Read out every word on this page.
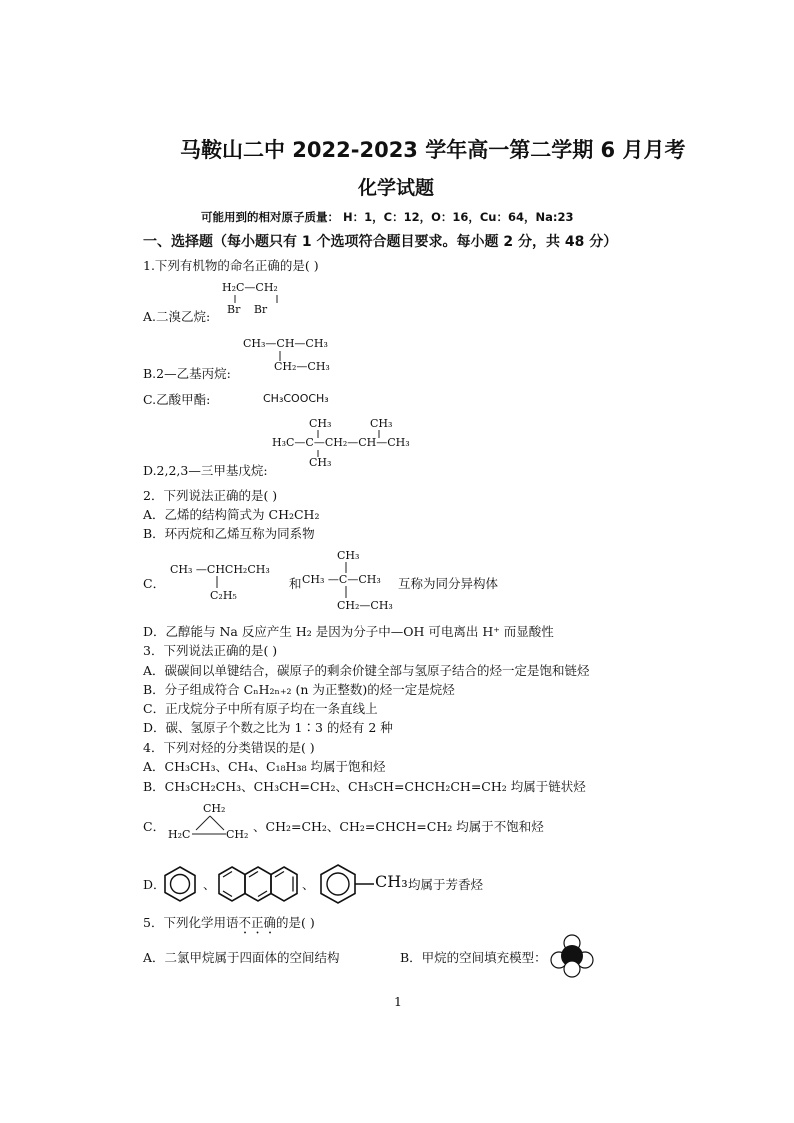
马鞍山二中 2022-2023 学年高一第二学期 6 月月考
化学试题
可能用到的相对原子质量： H：1，C：12，O：16，Cu：64，Na:23
一、选择题（每小题只有 1 个选项符合题目要求。每小题 2 分，共 48 分）
1.下列有机物的命名正确的是( )
H₂C—CH₂
Br Br
A.二溴乙烷:
CH₃—CH—CH₃
CH₂—CH₃
B.2—乙基丙烷:
C.乙酸甲酯:	CH₃COOCH₃
CH₃	CH₃
H₃C—C—CH₂—CH—CH₃
CH₃
D.2,2,3—三甲基戊烷:
2．下列说法正确的是( )
A．乙烯的结构简式为 CH₂CH₂
B．环丙烷和乙烯互称为同系物
C．
CH₃ —CHCH₂CH₃
C₂H₅
和
CH₃
CH₃ —C—CH₃
CH₂—CH₃
互称为同分异构体
D．乙醇能与 Na 反应产生 H₂ 是因为分子中—OH 可电离出 H⁺ 而显酸性
3．下列说法正确的是( )
A．碳碳间以单键结合，碳原子的剩余价键全部与氢原子结合的烃一定是饱和链烃
B．分子组成符合 CₙH₂ₙ₊₂ (n 为正整数)的烃一定是烷烃
C．正戊烷分子中所有原子均在一条直线上
D．碳、氢原子个数之比为 1∶3 的烃有 2 种
4．下列对烃的分类错误的是( )
A．CH₃CH₃、CH₄、C₁₈H₃₈ 均属于饱和烃
B．CH₃CH₂CH₃、CH₃CH=CH₂、CH₃CH=CHCH₂CH=CH₂ 均属于链状烃
C．
CH₂
H₂C	CH₂
、CH₂=CH₂、CH₂=CHCH=CH₂ 均属于不饱和烃
D．	、	、	CH₃ 均属于芳香烃
5．下列化学用语不正确的是( )
A．二氯甲烷属于四面体的空间结构	B．甲烷的空间填充模型：
1
